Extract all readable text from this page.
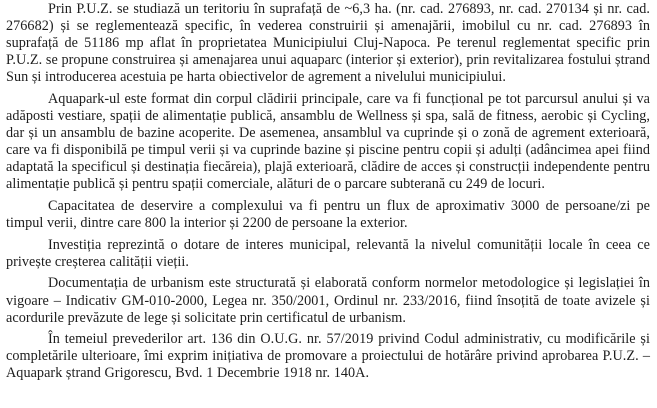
Prin P.U.Z. se studiază un teritoriu în suprafață de ~6,3 ha. (nr. cad. 276893, nr. cad. 270134 și nr. cad. 276682) și se reglementează specific, în vederea construirii și amenajării, imobilul cu nr. cad. 276893 în suprafață de 51186 mp aflat în proprietatea Municipiului Cluj-Napoca. Pe terenul reglementat specific prin P.U.Z. se propune construirea și amenajarea unui aquaparc (interior și exterior), prin revitalizarea fostului ștrand Sun și introducerea acestuia pe harta obiectivelor de agrement a nivelului municipiului.

Aquapark-ul este format din corpul clădirii principale, care va fi funcțional pe tot parcursul anului și va adăposti vestiare, spații de alimentație publică, ansamblu de Wellness și spa, sală de fitness, aerobic și Cycling, dar și un ansamblu de bazine acoperite. De asemenea, ansamblul va cuprinde și o zonă de agrement exterioară, care va fi disponibilă pe timpul verii și va cuprinde bazine și piscine pentru copii și adulți (adâncimea apei fiind adaptată la specificul și destinația fiecăreia), plajă exterioară, clădire de acces și construcții independente pentru alimentație publică și pentru spații comerciale, alături de o parcare subterană cu 249 de locuri.

Capacitatea de deservire a complexului va fi pentru un flux de aproximativ 3000 de persoane/zi pe timpul verii, dintre care 800 la interior și 2200 de persoane la exterior.

Investiția reprezintă o dotare de interes municipal, relevantă la nivelul comunității locale în ceea ce privește creșterea calității vieții.

Documentația de urbanism este structurată și elaborată conform normelor metodologice și legislației în vigoare – Indicativ GM-010-2000, Legea nr. 350/2001, Ordinul nr. 233/2016, fiind însoțită de toate avizele și acordurile prevăzute de lege și solicitate prin certificatul de urbanism.

În temeiul prevederilor art. 136 din O.U.G. nr. 57/2019 privind Codul administrativ, cu modificările și completările ulterioare, îmi exprim inițiativa de promovare a proiectului de hotărâre privind aprobarea P.U.Z. – Aquapark ștrand Grigorescu, Bvd. 1 Decembrie 1918 nr. 140A.
